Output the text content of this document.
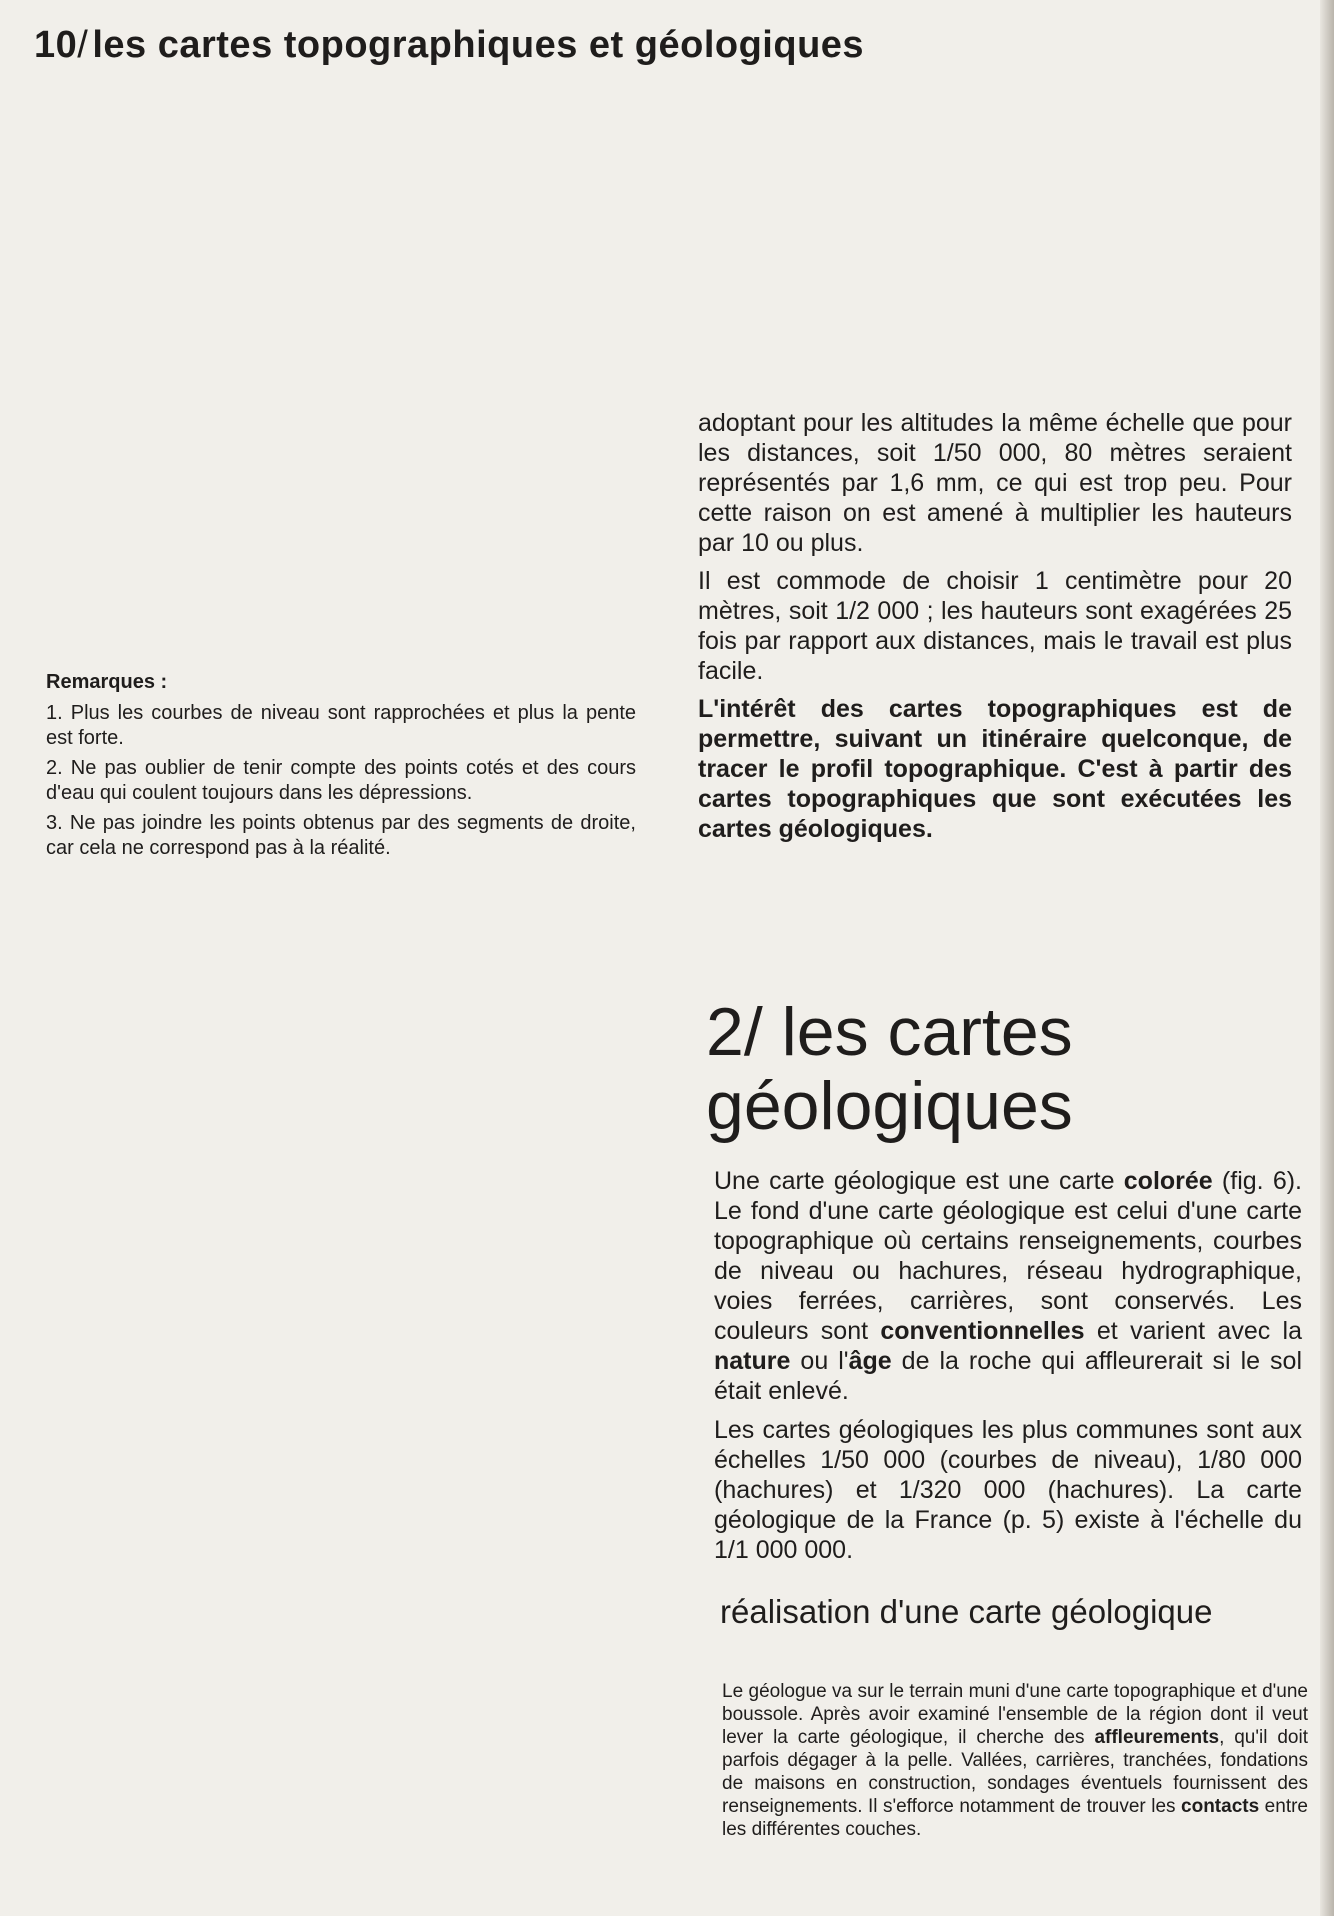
10/ les cartes topographiques et géologiques
Remarques :

1. Plus les courbes de niveau sont rapprochées et plus la pente est forte.

2. Ne pas oublier de tenir compte des points cotés et des cours d'eau qui coulent toujours dans les dépressions.

3. Ne pas joindre les points obtenus par des segments de droite, car cela ne correspond pas à la réalité.

adoptant pour les altitudes la même échelle que pour les distances, soit 1/50 000, 80 mètres seraient représentés par 1,6 mm, ce qui est trop peu. Pour cette raison on est amené à multiplier les hauteurs par 10 ou plus.

Il est commode de choisir 1 centimètre pour 20 mètres, soit 1/2 000 ; les hauteurs sont exagérées 25 fois par rapport aux distances, mais le travail est plus facile.

L'intérêt des cartes topographiques est de permettre, suivant un itinéraire quelconque, de tracer le profil topographique. C'est à partir des cartes topographiques que sont exécutées les cartes géologiques.

2/ les cartes
géologiques

Une carte géologique est une carte colorée (fig. 6). Le fond d'une carte géologique est celui d'une carte topographique où certains renseignements, courbes de niveau ou hachures, réseau hydrographique, voies ferrées, carrières, sont conservés. Les couleurs sont conventionnelles et varient avec la nature ou l'âge de la roche qui affleurerait si le sol était enlevé.

Les cartes géologiques les plus communes sont aux échelles 1/50 000 (courbes de niveau), 1/80 000 (hachures) et 1/320 000 (hachures). La carte géologique de la France (p. 5) existe à l'échelle du 1/1 000 000.

réalisation d'une carte géologique
Le géologue va sur le terrain muni d'une carte topographique et d'une boussole. Après avoir examiné l'ensemble de la région dont il veut lever la carte géologique, il cherche des affleurements, qu'il doit parfois dégager à la pelle. Vallées, carrières, tranchées, fondations de maisons en construction, sondages éventuels fournissent des renseignements. Il s'efforce notamment de trouver les contacts entre les différentes couches.
